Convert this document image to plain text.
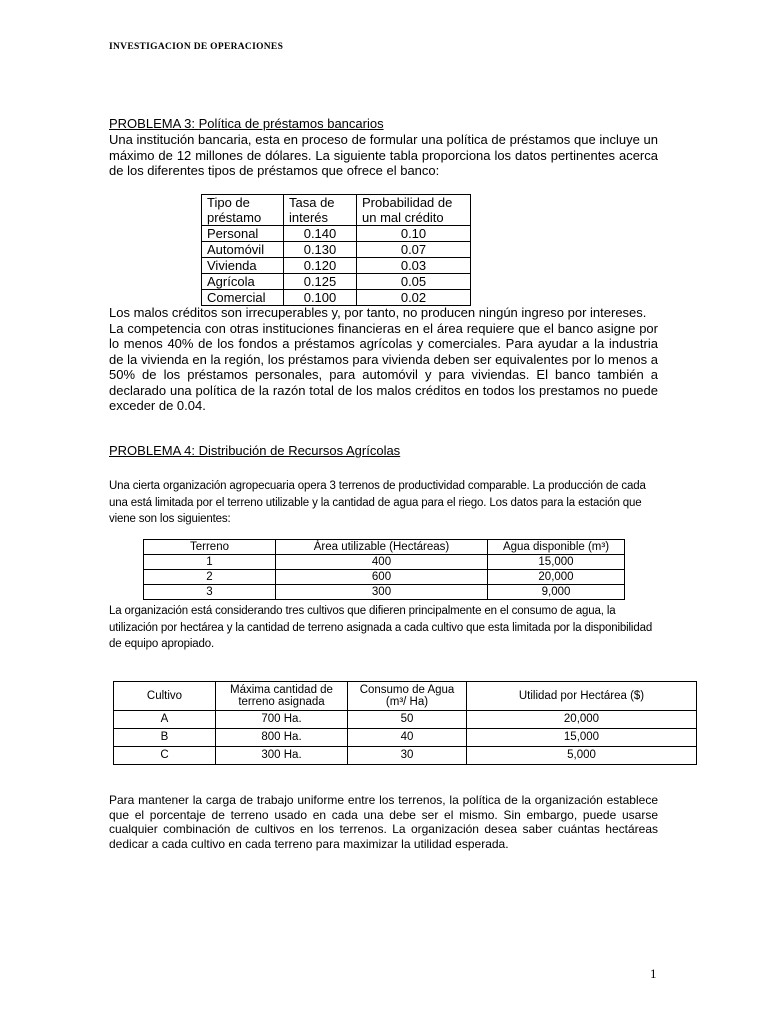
INVESTIGACION DE OPERACIONES

PROBLEMA 3: Política de préstamos bancarios

Una institución bancaria, esta en proceso de formular una política de préstamos que incluye un máximo de 12 millones de dólares. La siguiente tabla proporciona los datos pertinentes acerca de los diferentes tipos de préstamos que ofrece el banco:

Tipo de préstamo	Tasa de interés	Probabilidad de un mal crédito
Personal	0.140	0.10
Automóvil	0.130	0.07
Vivienda	0.120	0.03
Agrícola	0.125	0.05
Comercial	0.100	0.02

Los malos créditos son irrecuperables y, por tanto, no producen ningún ingreso por intereses.

La competencia con otras instituciones financieras en el área requiere que el banco asigne por lo menos 40% de los fondos a préstamos agrícolas y comerciales. Para ayudar a la industria de la vivienda en la región, los préstamos para vivienda deben ser equivalentes por lo menos a 50% de los préstamos personales, para automóvil y para viviendas. El banco también a declarado una política de la razón total de los malos créditos en todos los prestamos no puede exceder de 0.04.

PROBLEMA 4: Distribución de Recursos Agrícolas

Una cierta organización agropecuaria opera 3 terrenos de productividad comparable. La producción de cada una está limitada por el terreno utilizable y la cantidad de agua para el riego. Los datos para la estación que viene son los siguientes:

Terreno	Área utilizable (Hectáreas)	Agua disponible (m³)
1	400	15,000
2	600	20,000
3	300	9,000

La organización está considerando tres cultivos que difieren principalmente en el consumo de agua, la utilización por hectárea y la cantidad de terreno asignada a cada cultivo que esta limitada por la disponibilidad de equipo apropiado.

Cultivo	Máxima cantidad de terreno asignada	Consumo de Agua (m³/ Ha)	Utilidad por Hectárea ($)
A	700 Ha.	50	20,000
B	800 Ha.	40	15,000
C	300 Ha.	30	5,000

Para mantener la carga de trabajo uniforme entre los terrenos, la política de la organización establece que el porcentaje de terreno usado en cada una debe ser el mismo. Sin embargo, puede usarse cualquier combinación de cultivos en los terrenos. La organización desea saber cuántas hectáreas dedicar a cada cultivo en cada terreno para maximizar la utilidad esperada.

1
